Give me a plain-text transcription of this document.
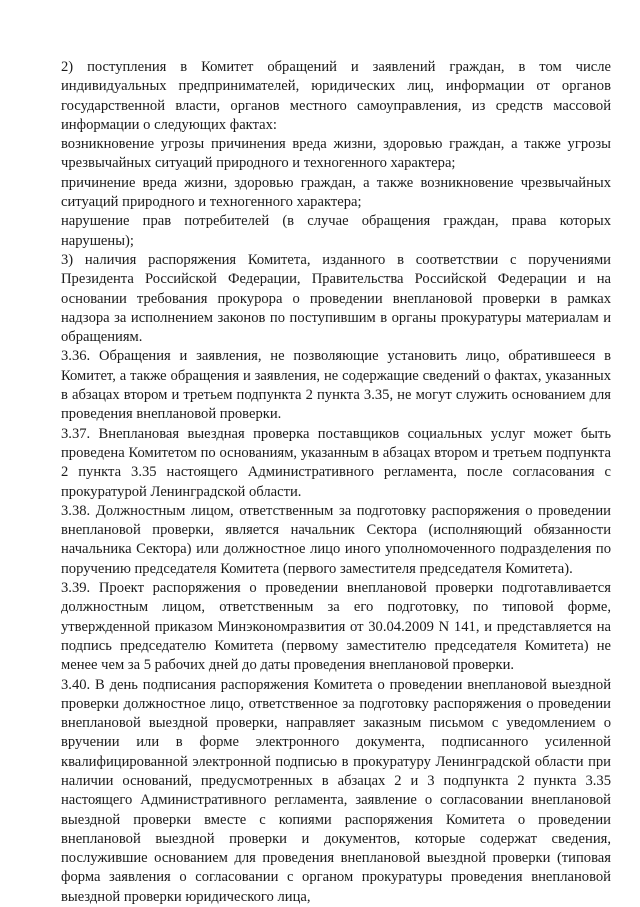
2) поступления в Комитет обращений и заявлений граждан, в том числе индивидуальных предпринимателей, юридических лиц, информации от органов государственной власти, органов местного самоуправления, из средств массовой информации о следующих фактах:

возникновение угрозы причинения вреда жизни, здоровью граждан, а также угрозы чрезвычайных ситуаций природного и техногенного характера;

причинение вреда жизни, здоровью граждан, а также возникновение чрезвычайных ситуаций природного и техногенного характера;

нарушение прав потребителей (в случае обращения граждан, права которых нарушены);

3) наличия распоряжения Комитета, изданного в соответствии с поручениями Президента Российской Федерации, Правительства Российской Федерации и на основании требования прокурора о проведении внеплановой проверки в рамках надзора за исполнением законов по поступившим в органы прокуратуры материалам и обращениям.

3.36. Обращения и заявления, не позволяющие установить лицо, обратившееся в Комитет, а также обращения и заявления, не содержащие сведений о фактах, указанных в абзацах втором и третьем подпункта 2 пункта 3.35, не могут служить основанием для проведения внеплановой проверки.

3.37. Внеплановая выездная проверка поставщиков социальных услуг может быть проведена Комитетом по основаниям, указанным в абзацах втором и третьем подпункта 2 пункта 3.35 настоящего Административного регламента, после согласования с прокуратурой Ленинградской области.

3.38. Должностным лицом, ответственным за подготовку распоряжения о проведении внеплановой проверки, является начальник Сектора (исполняющий обязанности начальника Сектора) или должностное лицо иного уполномоченного подразделения по поручению председателя Комитета (первого заместителя председателя Комитета).

3.39. Проект распоряжения о проведении внеплановой проверки подготавливается должностным лицом, ответственным за его подготовку, по типовой форме, утвержденной приказом Минэкономразвития от 30.04.2009 N 141, и представляется на подпись председателю Комитета (первому заместителю председателя Комитета) не менее чем за 5 рабочих дней до даты проведения внеплановой проверки.

3.40. В день подписания распоряжения Комитета о проведении внеплановой выездной проверки должностное лицо, ответственное за подготовку распоряжения о проведении внеплановой выездной проверки, направляет заказным письмом с уведомлением о вручении или в форме электронного документа, подписанного усиленной квалифицированной электронной подписью в прокуратуру Ленинградской области при наличии оснований, предусмотренных в абзацах 2 и 3 подпункта 2 пункта 3.35 настоящего Административного регламента, заявление о согласовании внеплановой выездной проверки вместе с копиями распоряжения Комитета о проведении внеплановой выездной проверки и документов, которые содержат сведения, послужившие основанием для проведения внеплановой выездной проверки (типовая форма заявления о согласовании с органом прокуратуры проведения внеплановой выездной проверки юридического лица,
